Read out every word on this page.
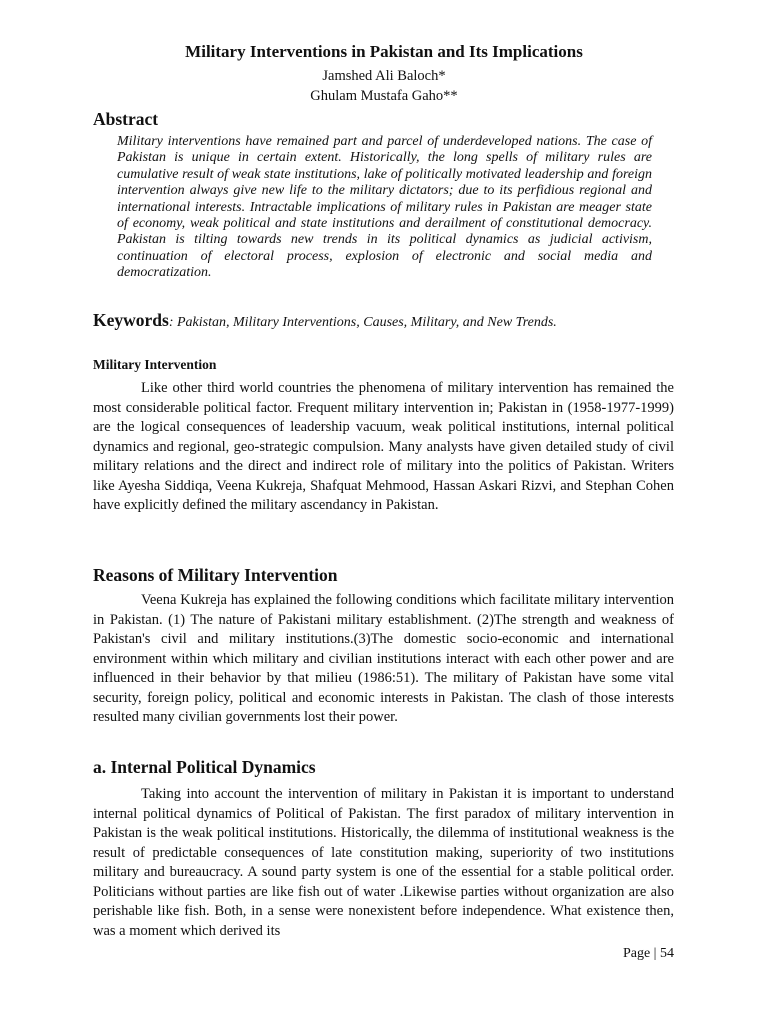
Military Interventions in Pakistan and Its Implications
Jamshed Ali Baloch*
Ghulam Mustafa Gaho**
Abstract
Military interventions have remained part and parcel of underdeveloped nations. The case of Pakistan is unique in certain extent. Historically, the long spells of military rules are cumulative result of weak state institutions, lake of politically motivated leadership and foreign intervention always give new life to the military dictators; due to its perfidious regional and international interests. Intractable implications of military rules in Pakistan are meager state of economy, weak political and state institutions and derailment of constitutional democracy. Pakistan is tilting towards new trends in its political dynamics as judicial activism, continuation of electoral process, explosion of electronic and social media and democratization.
Keywords: Pakistan, Military Interventions, Causes, Military, and New Trends.
Military Intervention
Like other third world countries the phenomena of military intervention has remained the most considerable political factor. Frequent military intervention in; Pakistan in (1958-1977-1999) are the logical consequences of leadership vacuum, weak political institutions, internal political dynamics and regional, geo-strategic compulsion. Many analysts have given detailed study of civil military relations and the direct and indirect role of military into the politics of Pakistan. Writers like Ayesha Siddiqa, Veena Kukreja, Shafquat Mehmood, Hassan Askari Rizvi, and Stephan Cohen have explicitly defined the military ascendancy in Pakistan.
Reasons of Military Intervention
Veena Kukreja has explained the following conditions which facilitate military intervention in Pakistan. (1) The nature of Pakistani military establishment. (2)The strength and weakness of Pakistan's civil and military institutions.(3)The domestic socio-economic and international environment within which military and civilian institutions interact with each other power and are influenced in their behavior by that milieu (1986:51). The military of Pakistan have some vital security, foreign policy, political and economic interests in Pakistan. The clash of those interests resulted many civilian governments lost their power.
a. Internal Political Dynamics
Taking into account the intervention of military in Pakistan it is important to understand internal political dynamics of Political of Pakistan. The first paradox of military intervention in Pakistan is the weak political institutions. Historically, the dilemma of institutional weakness is the result of predictable consequences of late constitution making, superiority of two institutions military and bureaucracy. A sound party system is one of the essential for a stable political order. Politicians without parties are like fish out of water .Likewise parties without organization are also perishable like fish. Both, in a sense were nonexistent before independence. What existence then, was a moment which derived its
Page | 54
